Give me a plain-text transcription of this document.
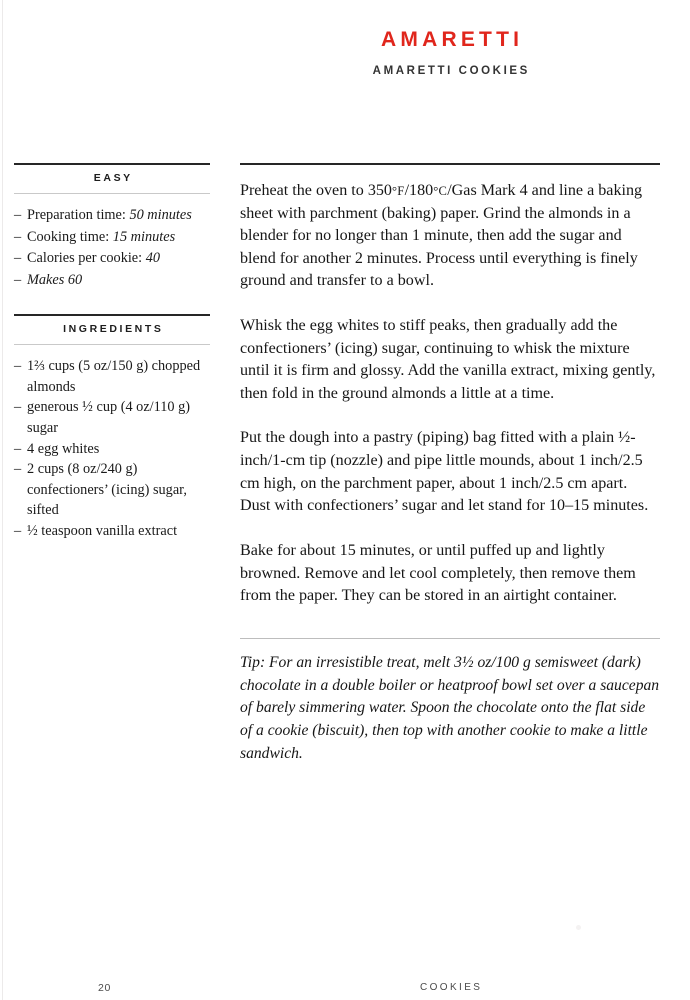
AMARETTI
AMARETTI COOKIES
EASY
– Preparation time: 50 minutes
– Cooking time: 15 minutes
– Calories per cookie: 40
– Makes 60
INGREDIENTS
– 1⅔ cups (5 oz/150 g) chopped almonds
– generous ½ cup (4 oz/110 g) sugar
– 4 egg whites
– 2 cups (8 oz/240 g) confectioners’ (icing) sugar, sifted
– ½ teaspoon vanilla extract

Preheat the oven to 350°F/180°C/Gas Mark 4 and line a baking sheet with parchment (baking) paper. Grind the almonds in a blender for no longer than 1 minute, then add the sugar and blend for another 2 minutes. Process until everything is finely ground and transfer to a bowl.

Whisk the egg whites to stiff peaks, then gradually add the confectioners’ (icing) sugar, continuing to whisk the mixture until it is firm and glossy. Add the vanilla extract, mixing gently, then fold in the ground almonds a little at a time.

Put the dough into a pastry (piping) bag fitted with a plain ½-inch/1-cm tip (nozzle) and pipe little mounds, about 1 inch/2.5 cm high, on the parchment paper, about 1 inch/2.5 cm apart. Dust with confectioners’ sugar and let stand for 10–15 minutes.

Bake for about 15 minutes, or until puffed up and lightly browned. Remove and let cool completely, then remove them from the paper. They can be stored in an airtight container.

Tip: For an irresistible treat, melt 3½ oz/100 g semisweet (dark) chocolate in a double boiler or heatproof bowl set over a saucepan of barely simmering water. Spoon the chocolate onto the flat side of a cookie (biscuit), then top with another cookie to make a little sandwich.

20	COOKIES
